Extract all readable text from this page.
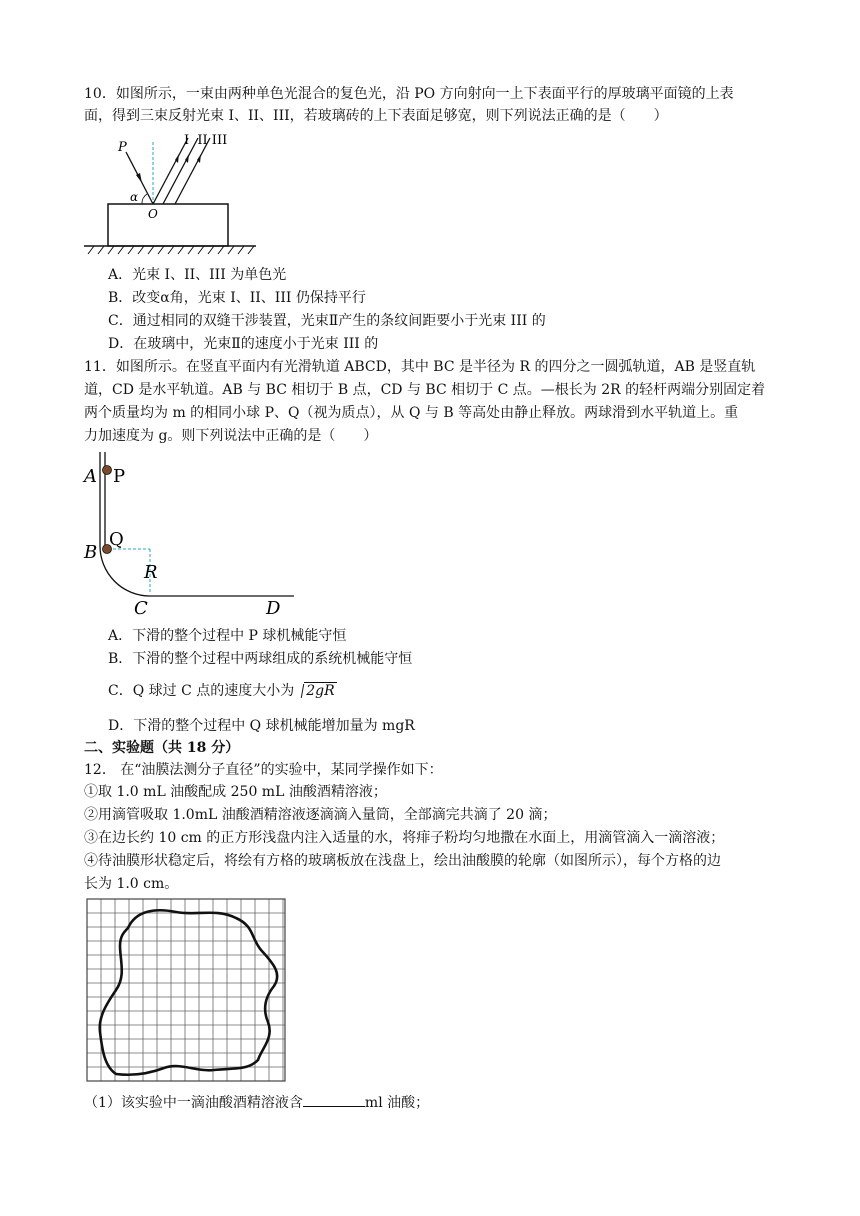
10．如图所示，一束由两种单色光混合的复色光，沿 PO 方向射向一上下表面平行的厚玻璃平面镜的上表
面，得到三束反射光束 I、II、III，若玻璃砖的上下表面足够宽，则下列说法正确的是（　　）
P
α
O
I  II III
A．光束 I、II、III 为单色光
B．改变α角，光束 I、II、III 仍保持平行
C．通过相同的双缝干涉装置，光束Ⅱ产生的条纹间距要小于光束 III 的
D．在玻璃中，光束Ⅱ的速度小于光束 III 的
11．如图所示。在竖直平面内有光滑轨道 ABCD，其中 BC 是半径为 R 的四分之一圆弧轨道，AB 是竖直轨
道，CD 是水平轨道。AB 与 BC 相切于 B 点，CD 与 BC 相切于 C 点。—根长为 2R 的轻杆两端分别固定着
两个质量均为 m 的相同小球 P、Q（视为质点），从 Q 与 B 等高处由静止释放。两球滑到水平轨道上。重
力加速度为 g。则下列说法中正确的是（　　）
A P
B
Q
R
C	D
A．下滑的整个过程中 P 球机械能守恒
B．下滑的整个过程中两球组成的系统机械能守恒
C．Q 球过 C 点的速度大小为 2gR
D．下滑的整个过程中 Q 球机械能增加量为 mgR
二、实验题（共 18 分）
12． 在“油膜法测分子直径”的实验中，某同学操作如下：
①取 1.0 mL 油酸配成 250 mL 油酸酒精溶液；
②用滴管吸取 1.0mL 油酸酒精溶液逐滴滴入量筒，全部滴完共滴了 20 滴；
③在边长约 10 cm 的正方形浅盘内注入适量的水，将痱子粉均匀地撒在水面上，用滴管滴入一滴溶液；
④待油膜形状稳定后，将绘有方格的玻璃板放在浅盘上，绘出油酸膜的轮廓（如图所示），每个方格的边
长为 1.0 cm。
（1）该实验中一滴油酸酒精溶液含	ml 油酸；
